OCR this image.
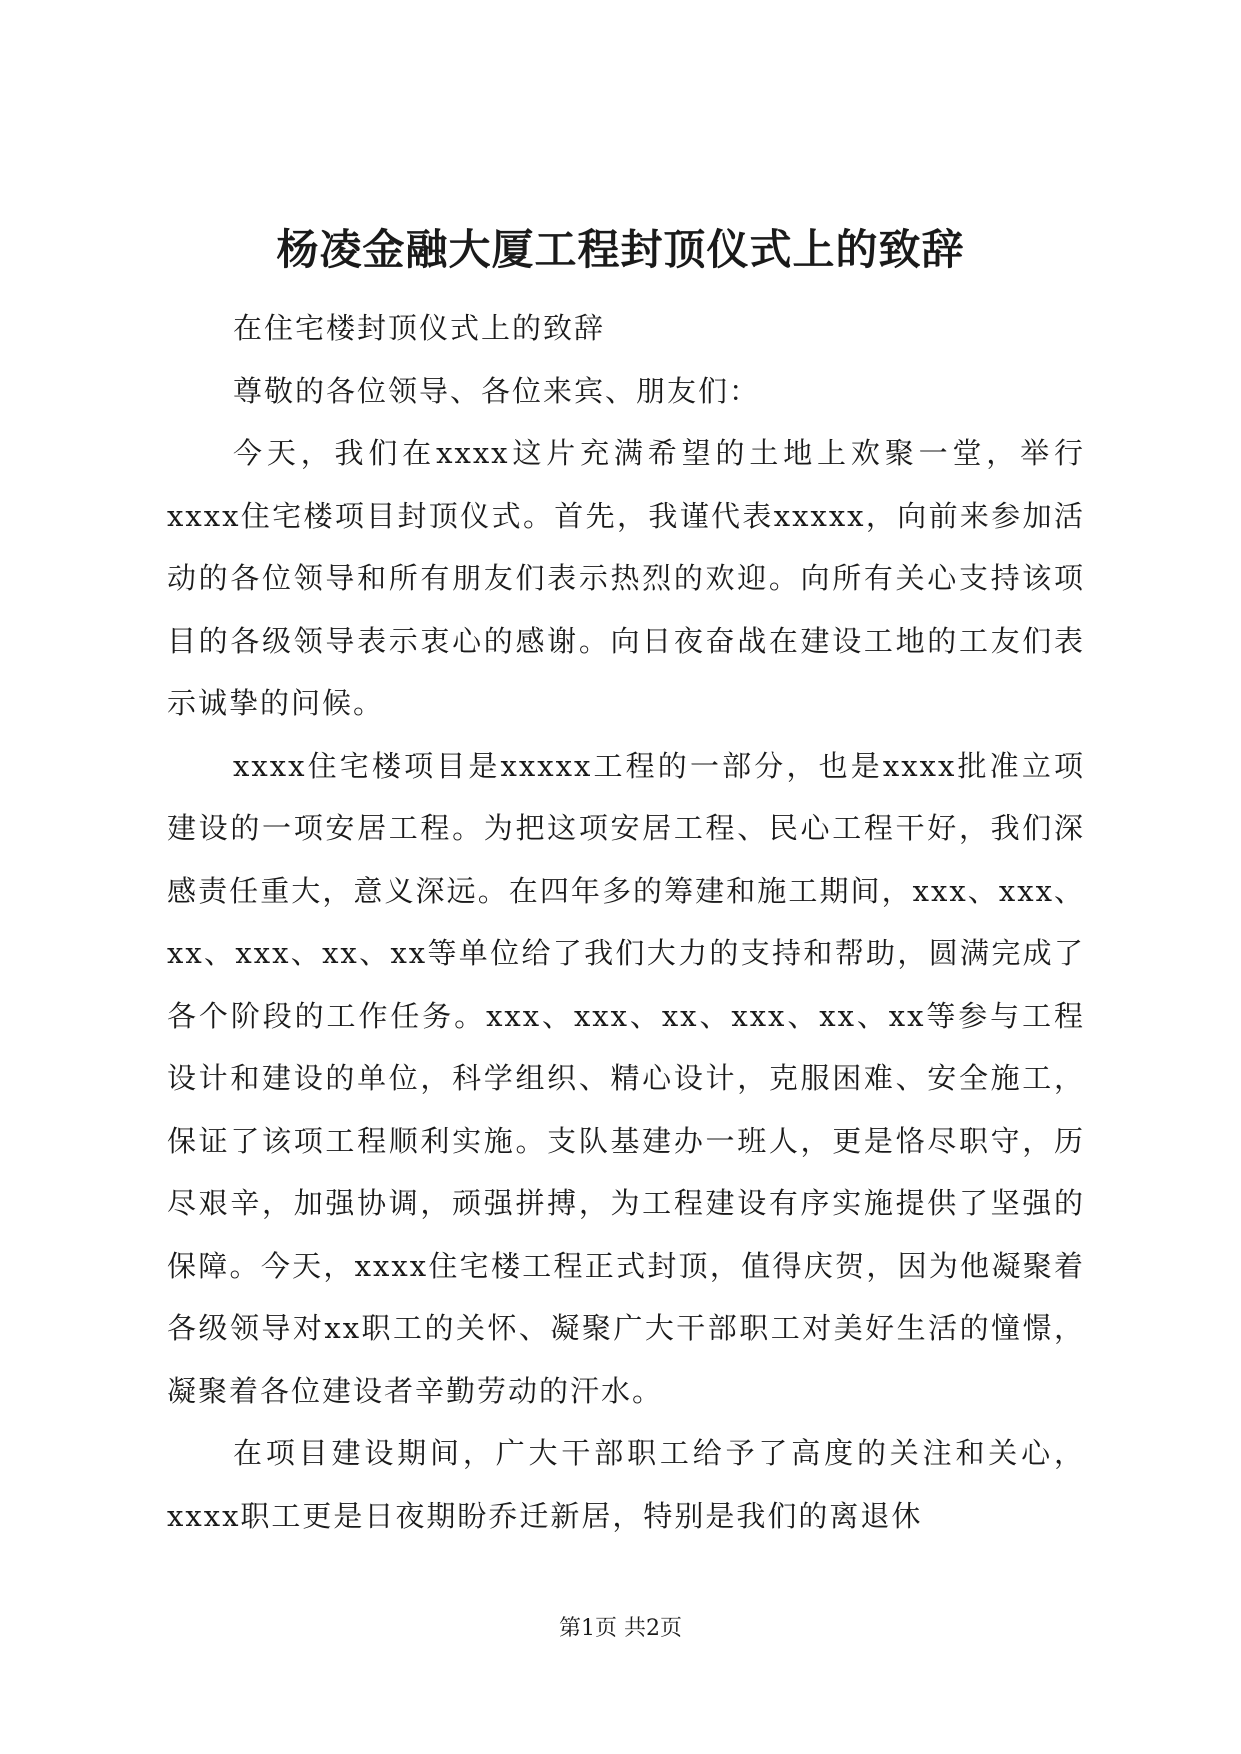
杨凌金融大厦工程封顶仪式上的致辞

在住宅楼封顶仪式上的致辞

尊敬的各位领导、各位来宾、朋友们：

今天，我们在xxxx这片充满希望的土地上欢聚一堂，举行xxxx住宅楼项目封顶仪式。首先，我谨代表xxxxx，向前来参加活动的各位领导和所有朋友们表示热烈的欢迎。向所有关心支持该项目的各级领导表示衷心的感谢。向日夜奋战在建设工地的工友们表示诚挚的问候。

xxxx住宅楼项目是xxxxx工程的一部分，也是xxxx批准立项建设的一项安居工程。为把这项安居工程、民心工程干好，我们深感责任重大，意义深远。在四年多的筹建和施工期间，xxx、xxx、xx、xxx、xx、xx等单位给了我们大力的支持和帮助，圆满完成了各个阶段的工作任务。xxx、xxx、xx、xxx、xx、xx等参与工程设计和建设的单位，科学组织、精心设计，克服困难、安全施工，保证了该项工程顺利实施。支队基建办一班人，更是恪尽职守，历尽艰辛，加强协调，顽强拼搏，为工程建设有序实施提供了坚强的保障。今天，xxxx住宅楼工程正式封顶，值得庆贺，因为他凝聚着各级领导对xx职工的关怀、凝聚广大干部职工对美好生活的憧憬，凝聚着各位建设者辛勤劳动的汗水。

在项目建设期间，广大干部职工给予了高度的关注和关心，xxxx职工更是日夜期盼乔迁新居，特别是我们的离退休

第1页 共2页
